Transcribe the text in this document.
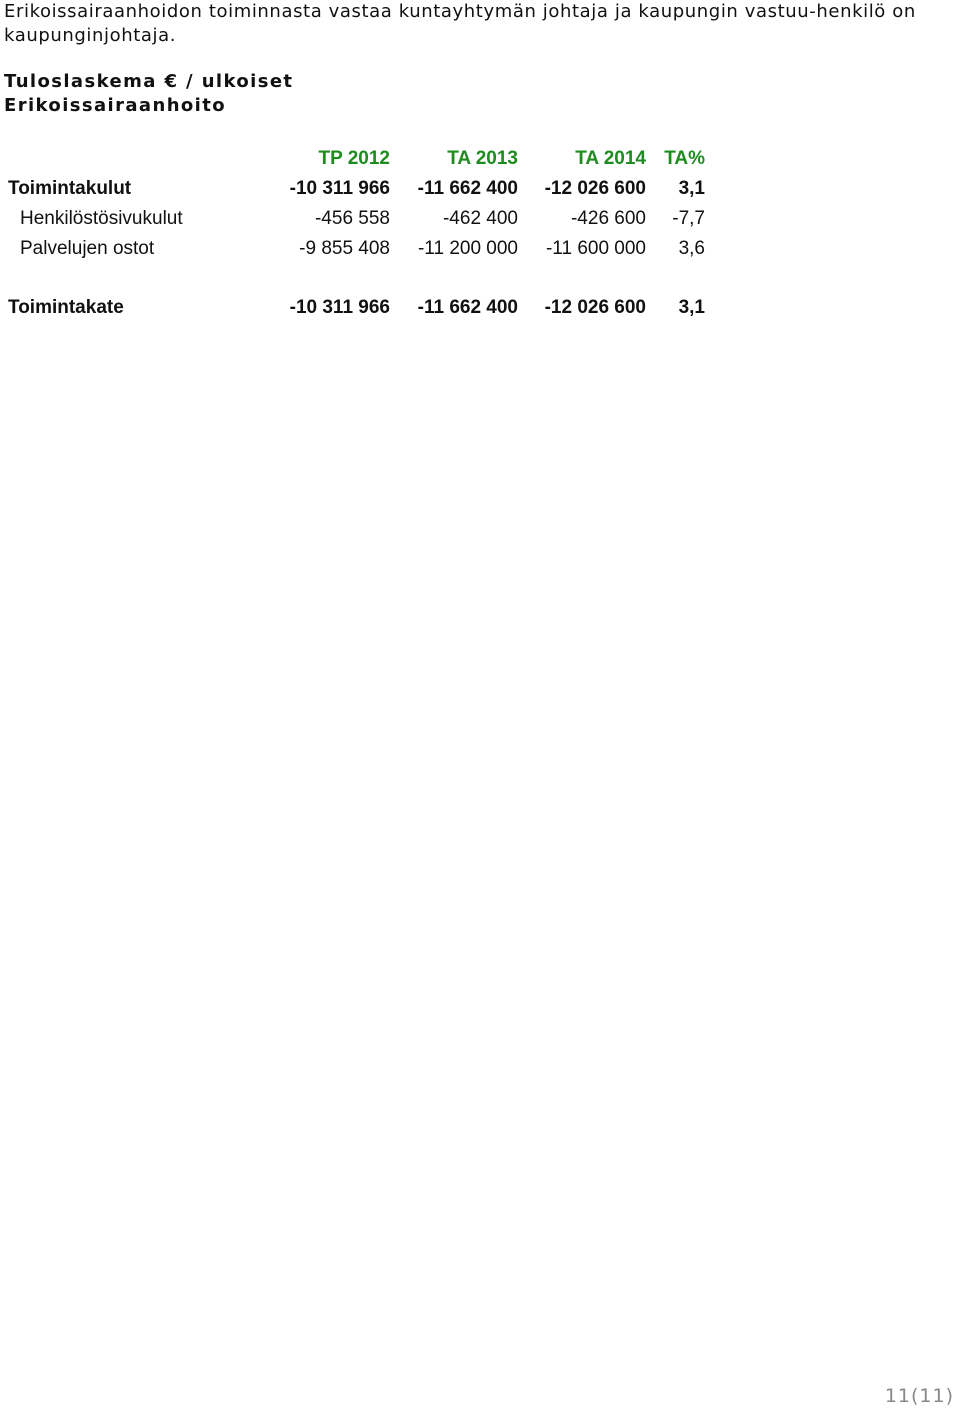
Erikoissairaanhoidon toiminnasta vastaa kuntayhtymän johtaja ja kaupungin vastuu-henkilö on kaupunginjohtaja.

Tuloslaskema € / ulkoiset
Erikoissairaanhoito
	TP 2012	TA 2013	TA 2014	TA%
Toimintakulut	-10 311 966	-11 662 400	-12 026 600	3,1
Henkilöstösivukulut	-456 558	-462 400	-426 600	-7,7
Palvelujen ostot	-9 855 408	-11 200 000	-11 600 000	3,6

Toimintakate	-10 311 966	-11 662 400	-12 026 600	3,1
11(11)
